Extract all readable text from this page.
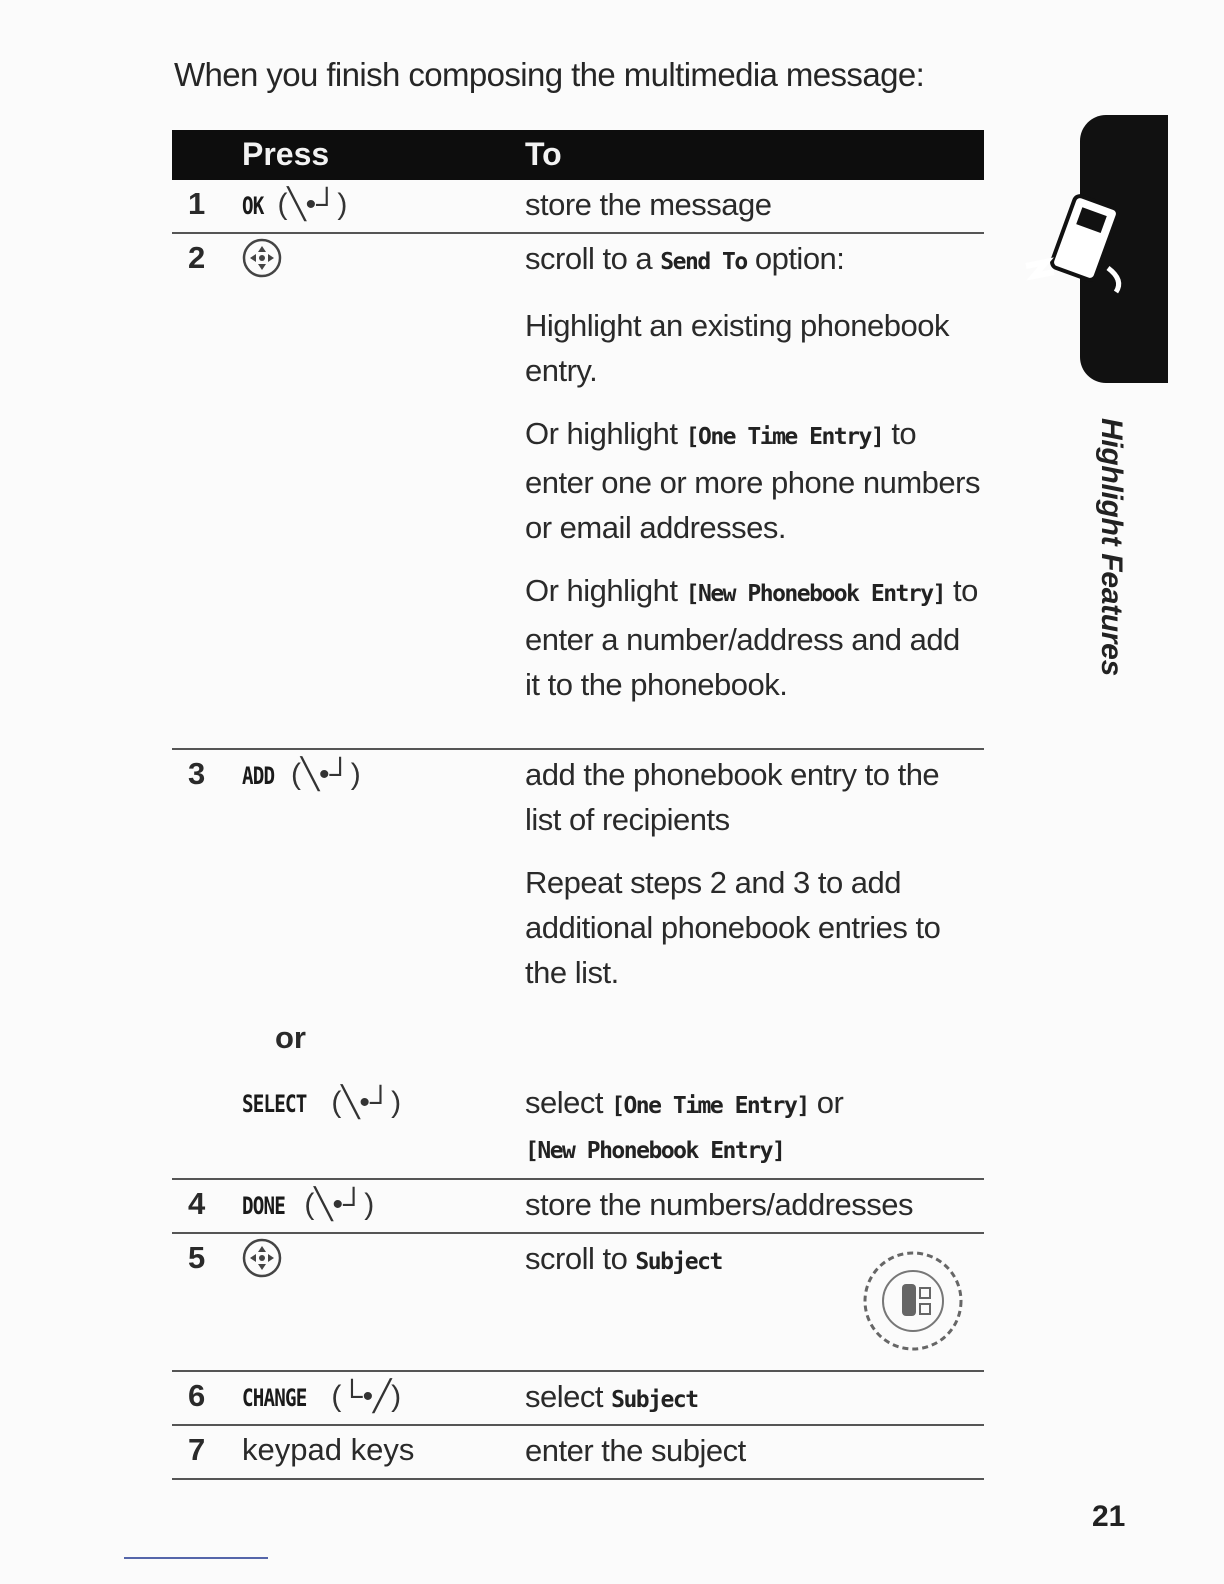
When you finish composing the multimedia message:
Press	To
1 OK (╲•┘)	store the message

2	scroll to a Send To option:

Highlight an existing phonebook entry.

Or highlight [One Time Entry] to enter one or more phone numbers or email addresses.

Or highlight [New Phonebook Entry] to enter a number/address and add it to the phonebook.

3 ADD (╲•┘)	add the phonebook entry to the list of recipients

Repeat steps 2 and 3 to add additional phonebook entries to the list.

or
SELECT (╲•┘)	select [One Time Entry] or

[New Phonebook Entry]

4 DONE (╲•┘)	store the numbers/addresses

5	scroll to Subject

6 CHANGE (└•╱)	select Subject

7 keypad keys	enter the subject

Highlight Features
21
